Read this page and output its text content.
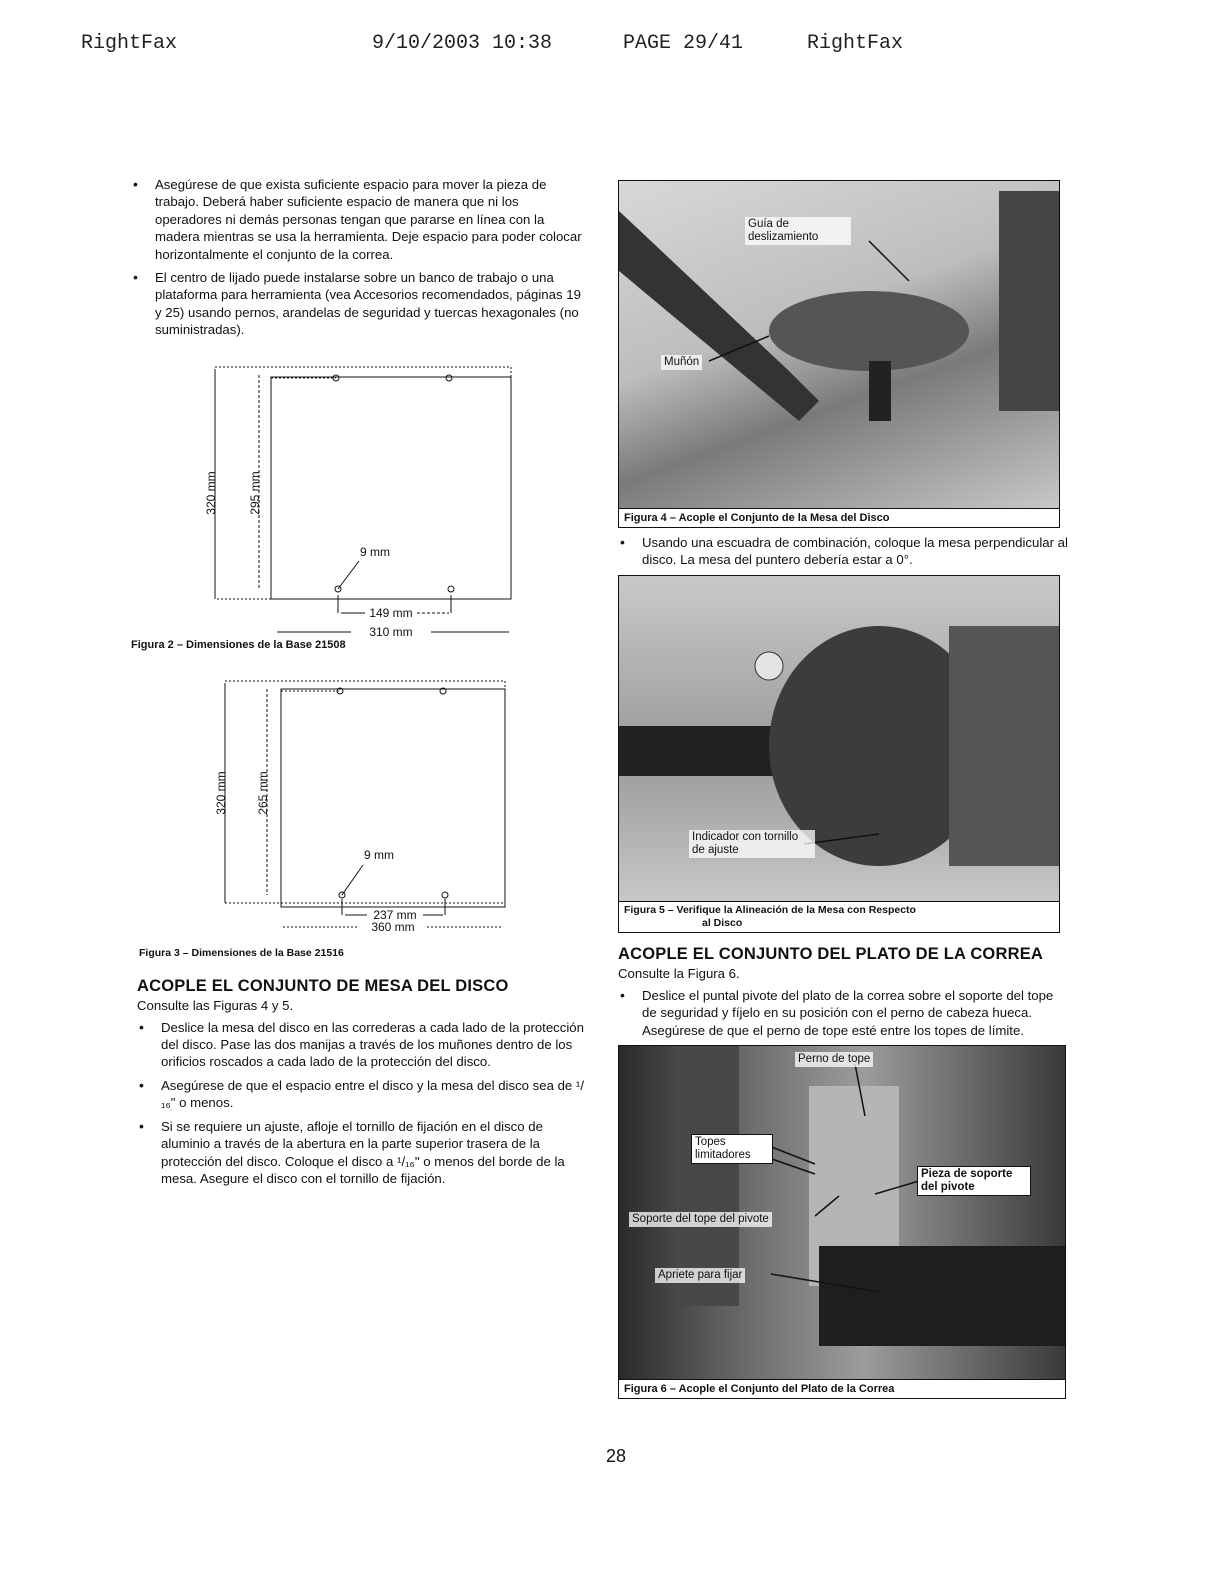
RightFax	9/10/2003 10:38	PAGE 29/41	RightFax
• Asegúrese de que exista suficiente espacio para mover la pieza de trabajo. Deberá haber suficiente espacio de manera que ni los operadores ni demás personas tengan que pararse en línea con la madera mientras se usa la herramienta. Deje espacio para poder colocar horizontalmente el conjunto de la correa.
• El centro de lijado puede instalarse sobre un banco de trabajo o una plataforma para herramienta (vea Accesorios recomendados, páginas 19 y 25) usando pernos, arandelas de seguridad y tuercas hexagonales (no suministradas).
320 mm	295 mm
9 mm
149 mm
310 mm
Figura 2 – Dimensiones de la Base 21508
320 mm 265 mm
9 mm
237 mm
360 mm
Figura 3 – Dimensiones de la Base 21516
ACOPLE EL CONJUNTO DE MESA DEL DISCO
Consulte las Figuras 4 y 5.
• Deslice la mesa del disco en las correderas a cada lado de la protección del disco. Pase las dos manijas a través de los muñones dentro de los orificios roscados a cada lado de la protección del disco.
• Asegúrese de que el espacio entre el disco y la mesa del disco sea de ¹/₁₆" o menos.
• Si se requiere un ajuste, afloje el tornillo de fijación en el disco de aluminio a través de la abertura en la parte superior trasera de la protección del disco. Coloque el disco a ¹/₁₆" o menos del borde de la mesa. Asegure el disco con el tornillo de fijación.
Guía de deslizamiento
Muñón
Figura 4 – Acople el Conjunto de la Mesa del Disco
• Usando una escuadra de combinación, coloque la mesa perpendicular al disco. La mesa del puntero debería estar a 0°.
Indicador con tornillo de ajuste
Figura 5 – Verifique la Alineación de la Mesa con Respecto
al Disco
ACOPLE EL CONJUNTO DEL PLATO DE LA CORREA
Consulte la Figura 6.
• Deslice el puntal pivote del plato de la correa sobre el soporte del tope de seguridad y fíjelo en su posición con el perno de cabeza hueca. Asegúrese de que el perno de tope esté entre los topes de límite.
Perno de tope
Topes limitadores
Pieza de soporte del pivote
Soporte del tope del pivote
Apriete para fijar
Figura 6 – Acople el Conjunto del Plato de la Correa
28
